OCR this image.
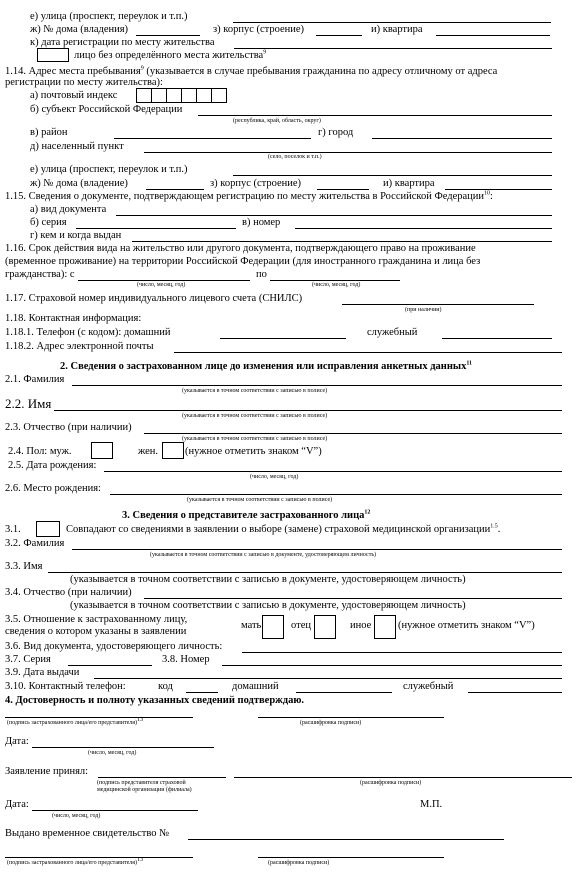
е) улица (проспект, переулок и т.п.)
ж) № дома (владения)	з) корпус (строение)	и) квартира
к) дата регистрации по месту жительства
лицо без определённого места жительства$^9$
1.14. Адрес места пребывания$^9$ (указывается в случае пребывания гражданина по адресу отличному от адреса
регистрации по месту жительства):
а) почтовый индекс
б) субъект Российской Федерации
(республика, край, область, округ)
в) район	г) город
д) населенный пункт
(село, поселок и т.п.)
е) улица (проспект, переулок и т.п.)
ж) № дома (владение)	з) корпус (строение)	и) квартира
1.15. Сведения о документе, подтверждающем регистрацию по месту жительства в Российской Федерации$^{10}$:
а) вид документа
б) серия	в) номер
г) кем и когда выдан
1.16. Срок действия вида на жительство или другого документа, подтверждающего право на проживание
(временное проживание) на территории Российской Федерации (для иностранного гражданина и лица без
гражданства): с	по
(число, месяц, год)	(число, месяц, год)
1.17. Страховой номер индивидуального лицевого счета (СНИЛС)
(при наличии)
1.18. Контактная информация:
1.18.1. Телефон (с кодом): домашний	служебный
1.18.2. Адрес электронной почты
2. Сведения о застрахованном лице до изменения или исправления анкетных данных$^{11}$
2.1. Фамилия
(указывается в точном соответствии с записью в полисе)
2.2. Имя
(указывается в точном соответствии с записью в полисе)
2.3. Отчество (при наличии)
(указывается в точном соответствии с записью в полисе)
2.4. Пол: муж.	жен.	(нужное отметить знаком “V”)
2.5. Дата рождения:
(число, месяц, год)
2.6. Место рождения:
(указывается в точном соответствии с записью в полисе)
3. Сведения о представителе застрахованного лица$^{12}$
3.1.	Совпадают со сведениями в заявлении о выборе (замене) страховой медицинской организации$^{1.5}$.
3.2. Фамилия
(указывается в точном соответствии с записью в документе, удостоверяющем личность)
3.3. Имя
(указывается в точном соответствии с записью в документе, удостоверяющем личность)
3.4. Отчество (при наличии)
(указывается в точном соответствии с записью в документе, удостоверяющем личность)
3.5. Отношение к застрахованному лицу,
сведения о котором указаны в заявлении
мать	отец	иное	(нужное отметить знаком “V”)
3.6. Вид документа, удостоверяющего личность:
3.7. Серия	3.8. Номер
3.9. Дата выдачи
3.10. Контактный телефон:	код	домашний	служебный
4. Достоверность и полноту указанных сведений подтверждаю.
(подпись застрахованного лица/его представителя)$^{13}$	(расшифровка подписи)
Дата:
(число, месяц, год)
Заявление принял:
(подпись представителя страховой
медицинской организации (филиала)
(расшифровка подписи)
Дата:	М.П.
(число, месяц, год)
Выдано временное свидетельство №
(подпись застрахованного лица/его представителя)$^{13}$	(расшифровка подписи)
